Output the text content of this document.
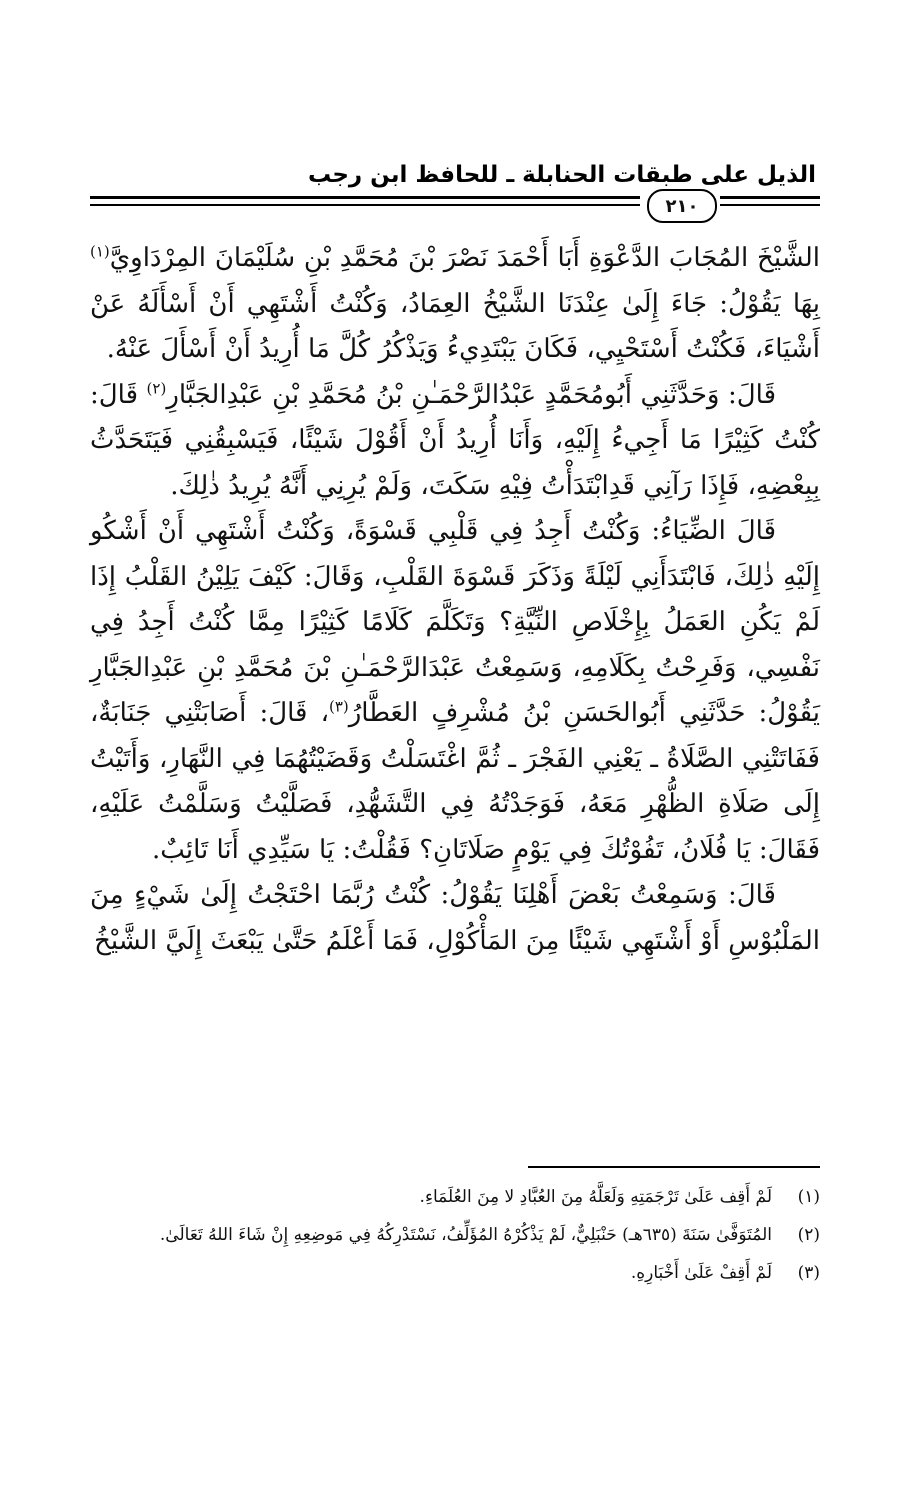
الذيل على طبقات الحنابلة ـ للحافظ ابن رجب
٢١٠

الشَّيْخَ المُجَابَ الدَّعْوَةِ أَبَا أَحْمَدَ نَصْرَ بْنَ مُحَمَّدِ بْنِ سُلَيْمَانَ المِرْدَاوِيَّ$^{(١)}$ بِهَا يَقُوْلُ: جَاءَ إِلَىٰ عِنْدَنَا الشَّيْخُ العِمَادُ، وَكُنْتُ أَشْتَهِي أَنْ أَسْأَلَهُ عَنْ أَشْيَاءَ، فَكُنْتُ أَسْتَحْيِي، فَكَانَ يَبْتَدِيءُ وَيَذْكُرُ كُلَّ مَا أُرِيدُ أَنْ أَسْأَلَ عَنْهُ.

قَالَ: وَحَدَّثَنِي أَبُومُحَمَّدٍ عَبْدُالرَّحْمَـٰنِ بْنُ مُحَمَّدِ بْنِ عَبْدِالجَبَّارِ$^{(٢)}$ قَالَ: كُنْتُ كَثِيْرًا مَا أَجِيءُ إِلَيْهِ، وَأَنَا أُرِيدُ أَنْ أَقُوْلَ شَيْئًا، فَيَسْبِقُنِي فَيَتَحَدَّثُ بِبِعْضِهِ، فَإِذَا رَآنِي قَدِابْتَدَأْتُ فِيْهِ سَكَتَ، وَلَمْ يُرِنِي أَنَّهُ يُرِيدُ ذٰلِكَ.

قَالَ الضِّيَاءُ: وَكُنْتُ أَجِدُ فِي قَلْبِي قَسْوَةً، وَكُنْتُ أَشْتَهِي أَنْ أَشْكُو إِلَيْهِ ذٰلِكَ، فَابْتَدَأَنِي لَيْلَةً وَذَكَرَ قَسْوَةَ القَلْبِ، وَقَالَ: كَيْفَ يَلِيْنُ القَلْبُ إِذَا لَمْ يَكُنِ العَمَلُ بِإِخْلَاصِ النِّيَّةِ؟ وَتَكَلَّمَ كَلَامًا كَثِيْرًا مِمَّا كُنْتُ أَجِدُ فِي نَفْسِي، وَفَرِحْتُ بِكَلَامِهِ، وَسَمِعْتُ عَبْدَالرَّحْمَـٰنِ بْنَ مُحَمَّدِ بْنِ عَبْدِالجَبَّارِ يَقُوْلُ: حَدَّثَنِي أَبُوالحَسَنِ بْنُ مُشْرِفٍ العَطَّارُ$^{(٣)}$، قَالَ: أَصَابَتْنِي جَنَابَةٌ، فَفَاتَتْنِي الصَّلَاةُ ـ يَعْنِي الفَجْرَ ـ ثُمَّ اغْتَسَلْتُ وَقَضَيْتُهُمَا فِي النَّهَارِ، وَأَتَيْتُ إِلَى صَلَاةِ الظُّهْرِ مَعَهُ، فَوَجَدْتُهُ فِي التَّشَهُّدِ، فَصَلَّيْتُ وَسَلَّمْتُ عَلَيْهِ، فَقَالَ: يَا فُلَانُ، تَفُوْتُكَ فِي يَوْمٍ صَلَاتَانِ؟ فَقُلْتُ: يَا سَيِّدِي أَنَا تَائِبٌ.

قَالَ: وَسَمِعْتُ بَعْضَ أَهْلِنَا يَقُوْلُ: كُنْتُ رُبَّمَا احْتَجْتُ إِلَىٰ شَيْءٍ مِنَ المَلْبُوْسِ أَوْ أَشْتَهِي شَيْئًا مِنَ المَأْكُوْلِ، فَمَا أَعْلَمُ حَتَّىٰ يَبْعَثَ إِلَيَّ الشَّيْخُ

(١)
لَمْ أَقِف عَلَىٰ تَرْجَمَتِهِ وَلَعَلَّهُ مِنَ العُبَّادِ لا مِنَ العُلَمَاءِ.
(٢)
المُتَوَفَّىٰ سَنَةَ (٦٣٥هـ) حَنْبَلِيٌّ، لَمْ يَذْكُرْهُ المُؤَلِّفُ، نَسْتَدْرِكُهُ فِي مَوضِعِهِ إِنْ شَاءَ اللهُ تَعَالَىٰ.
(٣)
لَمْ أَقِفْ عَلَىٰ أَخْبَارِهِ.
